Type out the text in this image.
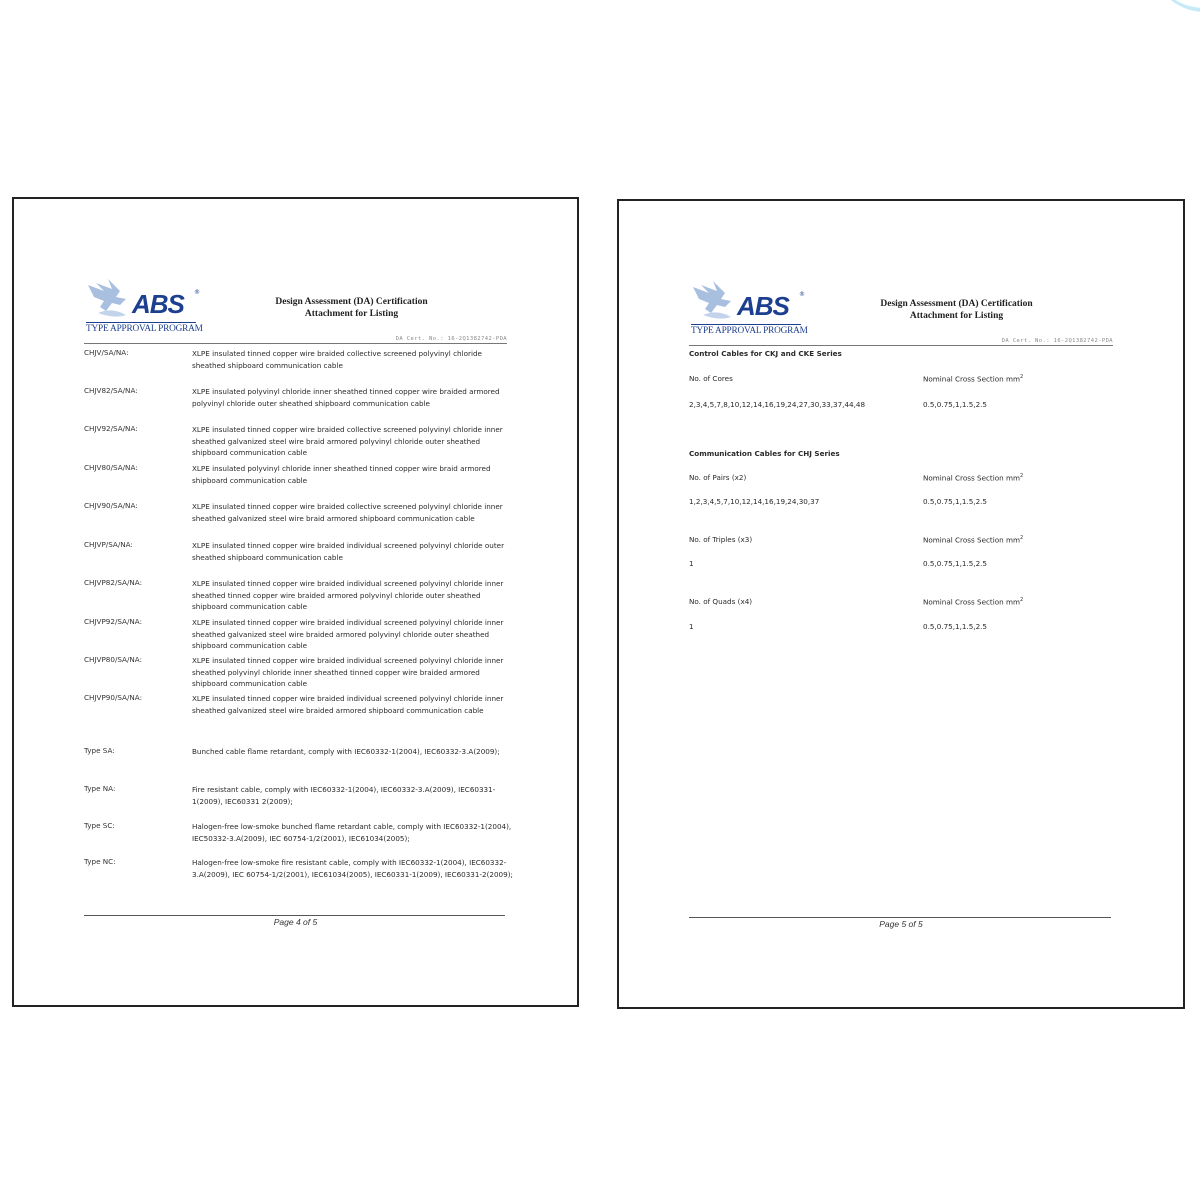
ABS ®
TYPE APPROVAL PROGRAM
Design Assessment (DA) Certification
Attachment for Listing
DA Cert. No.: 16-2Q1382742-PDA
CHJV/SA/NA:	XLPE insulated tinned copper wire braided collective screened polyvinyl chloride sheathed shipboard communication cable
CHJV82/SA/NA:	XLPE insulated polyvinyl chloride inner sheathed tinned copper wire braided armored polyvinyl chloride outer sheathed shipboard communication cable
CHJV92/SA/NA:	XLPE insulated tinned copper wire braided collective screened polyvinyl chloride inner sheathed galvanized steel wire braid armored polyvinyl chloride outer sheathed shipboard communication cable
CHJV80/SA/NA:	XLPE insulated polyvinyl chloride inner sheathed tinned copper wire braid armored shipboard communication cable
CHJV90/SA/NA:	XLPE insulated tinned copper wire braided collective screened polyvinyl chloride inner sheathed galvanized steel wire braid armored shipboard communication cable
CHJVP/SA/NA:	XLPE insulated tinned copper wire braided individual screened polyvinyl chloride outer sheathed shipboard communication cable
CHJVP82/SA/NA:	XLPE insulated tinned copper wire braided individual screened polyvinyl chloride inner sheathed tinned copper wire braided armored polyvinyl chloride outer sheathed shipboard communication cable
CHJVP92/SA/NA:	XLPE insulated tinned copper wire braided individual screened polyvinyl chloride inner sheathed galvanized steel wire braided armored polyvinyl chloride outer sheathed shipboard communication cable
CHJVP80/SA/NA:	XLPE insulated tinned copper wire braided individual screened polyvinyl chloride inner sheathed polyvinyl chloride inner sheathed tinned copper wire braided armored shipboard communication cable
CHJVP90/SA/NA:	XLPE insulated tinned copper wire braided individual screened polyvinyl chloride inner sheathed galvanized steel wire braided armored shipboard communication cable
Type SA:	Bunched cable flame retardant, comply with IEC60332-1(2004), IEC60332-3.A(2009);
Type NA:	Fire resistant cable, comply with IEC60332-1(2004), IEC60332-3.A(2009), IEC60331-1(2009), IEC60331 2(2009);
Type SC:	Halogen-free low-smoke bunched flame retardant cable, comply with IEC60332-1(2004), IEC50332-3.A(2009), IEC 60754-1/2(2001), IEC61034(2005);
Type NC:	Halogen-free low-smoke fire resistant cable, comply with IEC60332-1(2004), IEC60332-3.A(2009), IEC 60754-1/2(2001), IEC61034(2005), IEC60331-1(2009), IEC60331-2(2009);
Page 4 of 5
ABS ®
TYPE APPROVAL PROGRAM
Design Assessment (DA) Certification
Attachment for Listing
DA Cert. No.: 16-2Q1382742-PDA
Control Cables for CKJ and CKE Series
No. of Cores	Nominal Cross Section $mm^2$
2,3,4,5,7,8,10,12,14,16,19,24,27,30,33,37,44,48	0.5,0.75,1,1.5,2.5
Communication Cables for CHJ Series
No. of Pairs (x2)	Nominal Cross Section $mm^2$
1,2,3,4,5,7,10,12,14,16,19,24,30,37	0.5,0.75,1,1.5,2.5
No. of Triples (x3)	Nominal Cross Section $mm^2$
1	0.5,0.75,1,1.5,2.5
No. of Quads (x4)	Nominal Cross Section $mm^2$
1	0.5,0.75,1,1.5,2.5
Page 5 of 5
